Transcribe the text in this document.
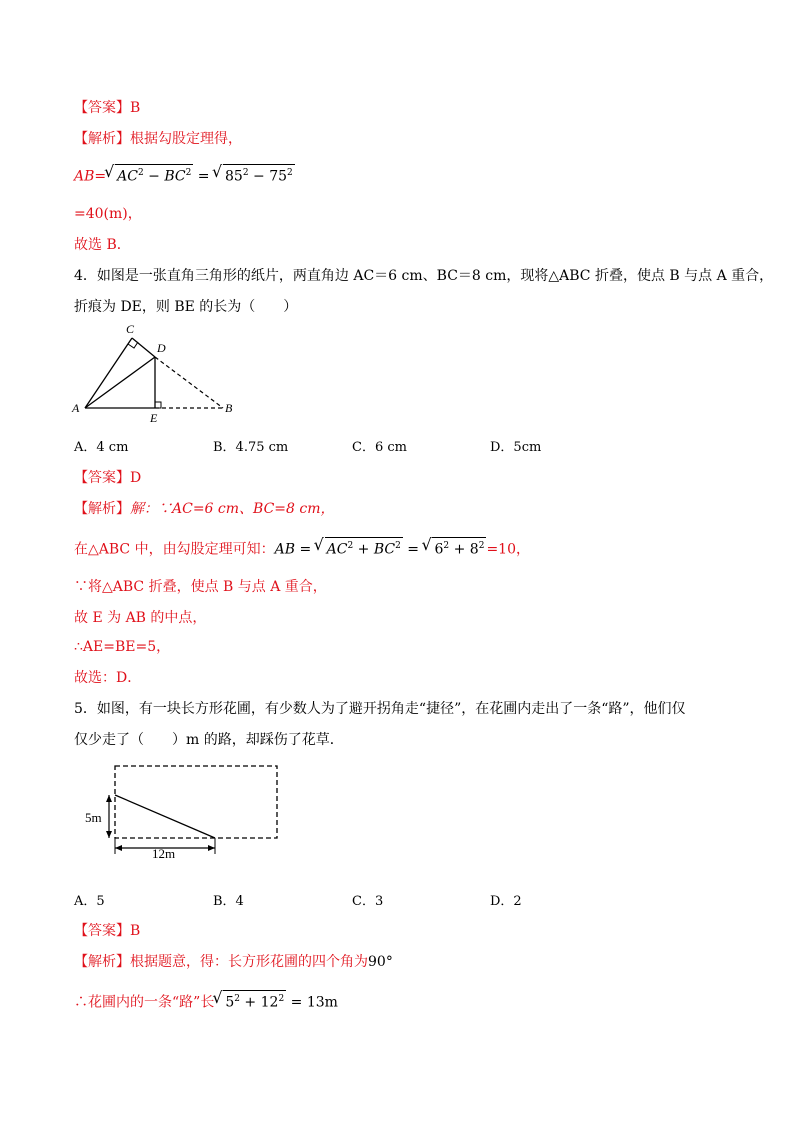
【答案】B
【解析】根据勾股定理得，
AB= √ $AC^2 - BC^2$ = √ $85^2 - 75^2$
=40(m)，
故选 B．
4．如图是一张直角三角形的纸片，两直角边 AC＝6 cm、BC＝8 cm，现将△ABC 折叠，使点 B 与点 A 重合，
折痕为 DE，则 BE 的长为（　　）
C
D
A
E
B
A．4 cm	B．4.75 cm	C．6 cm	D．5cm
【答案】D
【解析】解：∵AC=6 cm、BC=8 cm，
在△ABC 中，由勾股定理可知：AB = √ $AC^2 + BC^2$ = √ $6^2 + 8^2 =10$，
∵将△ABC 折叠，使点 B 与点 A 重合，
故 E 为 AB 的中点，
∴AE=BE=5，
故选：D．
5．如图，有一块长方形花圃，有少数人为了避开拐角走“捷径”，在花圃内走出了一条“路”，他们仅
仅少走了（　　）m 的路，却踩伤了花草．
5m
12m
A．5	B．4	C．3	D．2
【答案】B
【解析】根据题意，得：长方形花圃的四个角为90°
∴花圃内的一条“路”长 √ $5^2 + 12^2 = 13m$
